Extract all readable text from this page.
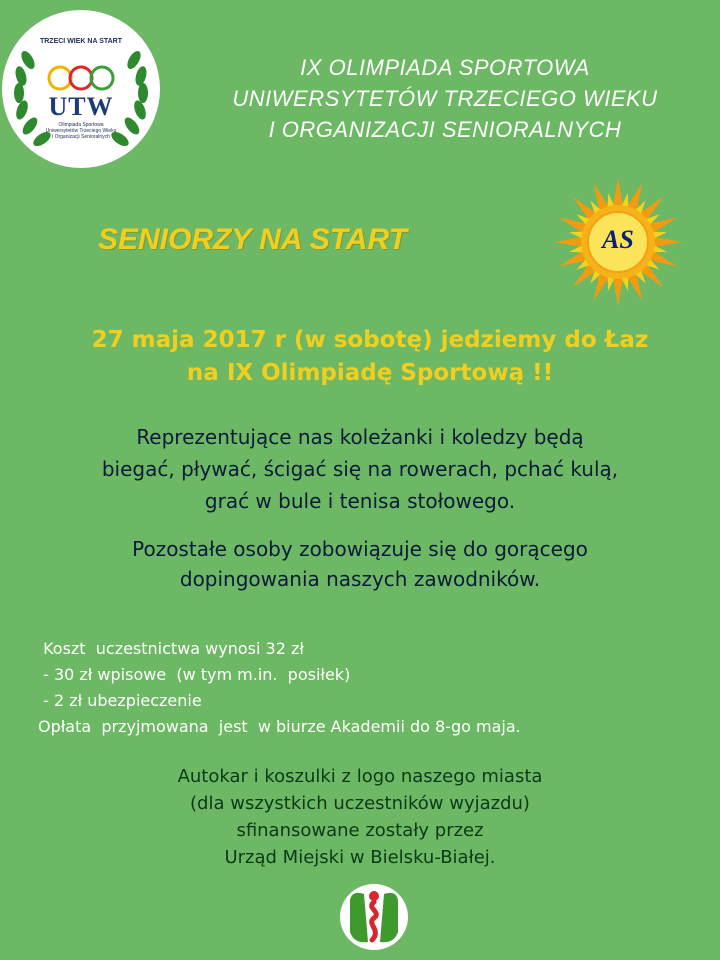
TRZECI WIEK NA START
UTW
Olimpiada Sportowa
Uniwersytetów Trzeciego Wieku
i Organizacji Senioralnych
IX OLIMPIADA SPORTOWA
UNIWERSYTETÓW TRZECIEGO WIEKU
I ORGANIZACJI SENIORALNYCH
SENIORZY NA START	AS
27 maja 2017 r (w sobotę) jedziemy do Łaz
na IX Olimpiadę Sportową !!
Reprezentujące nas koleżanki i koledzy będą
biegać, pływać, ścigać się na rowerach, pchać kulą,
grać w bule i tenisa stołowego.
Pozostałe osoby zobowiązuje się do gorącego
dopingowania naszych zawodników.
Koszt  uczestnictwa wynosi 32 zł
- 30 zł wpisowe  (w tym m.in.  posiłek)
- 2 zł ubezpieczenie
Opłata  przyjmowana  jest  w biurze Akademii do 8-go maja.
Autokar i koszulki z logo naszego miasta
(dla wszystkich uczestników wyjazdu)
sfinansowane zostały przez
Urząd Miejski w Bielsku-Białej.
